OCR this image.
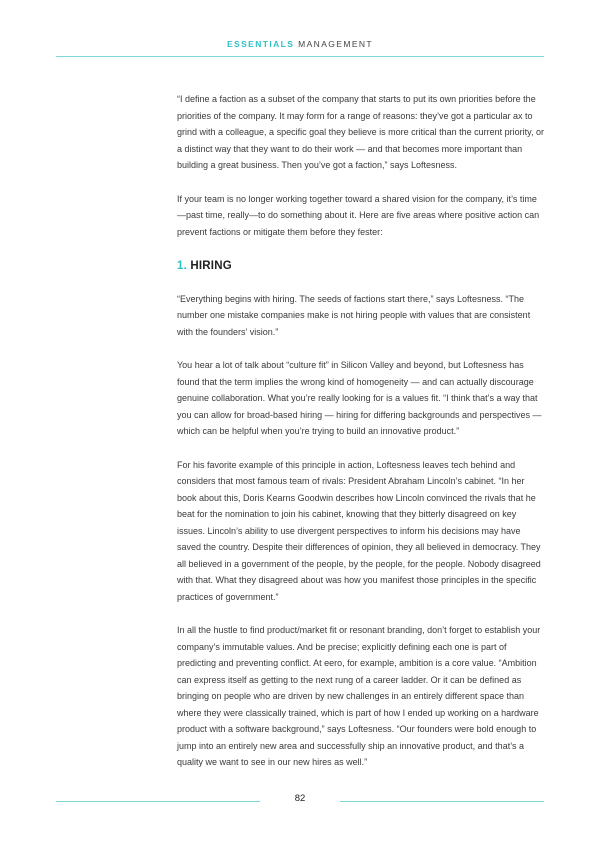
ESSENTIALS MANAGEMENT

“I define a faction as a subset of the company that starts to put its own priorities before the priorities of the company. It may form for a range of reasons: they’ve got a particular ax to grind with a colleague, a specific goal they believe is more critical than the current priority, or a distinct way that they want to do their work — and that becomes more important than building a great business. Then you’ve got a faction,” says Loftesness.

If your team is no longer working together toward a shared vision for the company, it’s time—past time, really—to do something about it. Here are five areas where positive action can prevent factions or mitigate them before they fester:

1. HIRING

“Everything begins with hiring. The seeds of factions start there,” says Loftesness. “The number one mistake companies make is not hiring people with values that are consistent with the founders’ vision.”

You hear a lot of talk about “culture fit” in Silicon Valley and beyond, but Loftesness has found that the term implies the wrong kind of homogeneity — and can actually discourage genuine collaboration. What you’re really looking for is a values fit. “I think that’s a way that you can allow for broad-based hiring — hiring for differing backgrounds and perspectives — which can be helpful when you’re trying to build an innovative product.”

For his favorite example of this principle in action, Loftesness leaves tech behind and considers that most famous team of rivals: President Abraham Lincoln’s cabinet. “In her book about this, Doris Kearns Goodwin describes how Lincoln convinced the rivals that he beat for the nomination to join his cabinet, knowing that they bitterly disagreed on key issues. Lincoln’s ability to use divergent perspectives to inform his decisions may have saved the country. Despite their differences of opinion, they all believed in democracy. They all believed in a government of the people, by the people, for the people. Nobody disagreed with that. What they disagreed about was how you manifest those principles in the specific practices of government.”

In all the hustle to find product/market fit or resonant branding, don’t forget to establish your company’s immutable values. And be precise; explicitly defining each one is part of predicting and preventing conflict. At eero, for example, ambition is a core value. “Ambition can express itself as getting to the next rung of a career ladder. Or it can be defined as bringing on people who are driven by new challenges in an entirely different space than where they were classically trained, which is part of how I ended up working on a hardware product with a software background,” says Loftesness. “Our founders were bold enough to jump into an entirely new area and successfully ship an innovative product, and that’s a quality we want to see in our new hires as well.”

82
